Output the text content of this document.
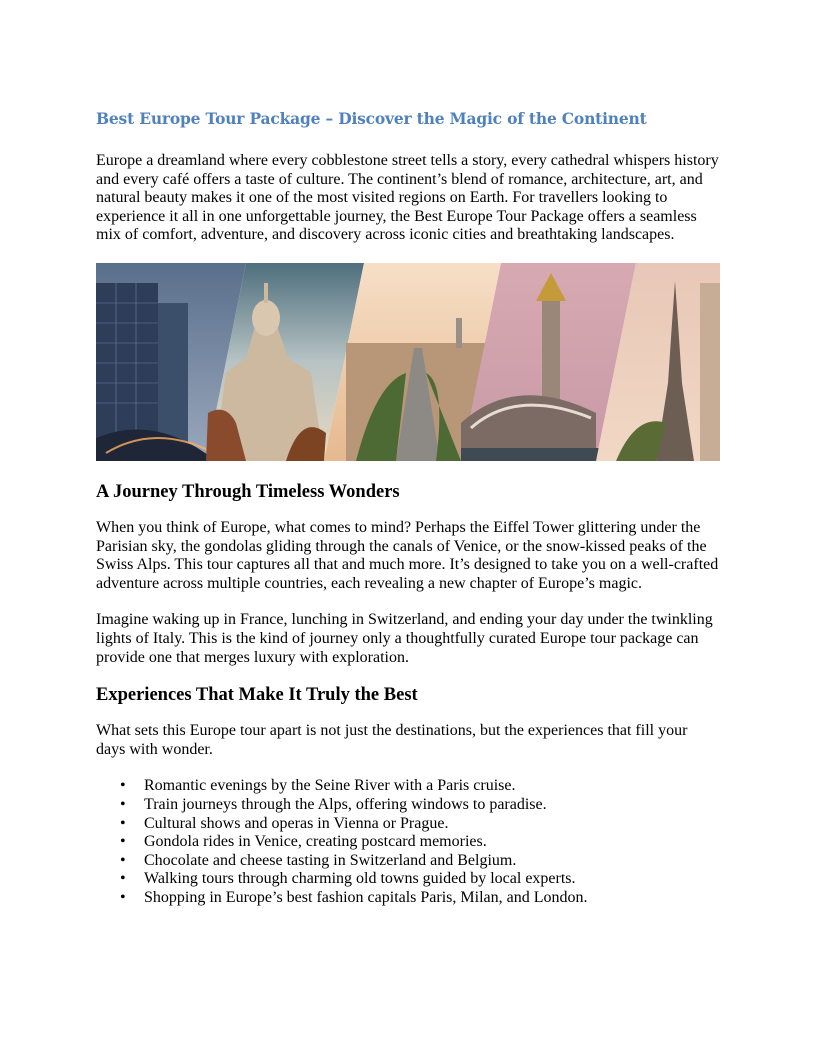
Best Europe Tour Package – Discover the Magic of the Continent

Europe a dreamland where every cobblestone street tells a story, every cathedral whispers history and every café offers a taste of culture. The continent’s blend of romance, architecture, art, and natural beauty makes it one of the most visited regions on Earth. For travellers looking to experience it all in one unforgettable journey, the Best Europe Tour Package offers a seamless mix of comfort, adventure, and discovery across iconic cities and breathtaking landscapes.

A Journey Through Timeless Wonders

When you think of Europe, what comes to mind? Perhaps the Eiffel Tower glittering under the Parisian sky, the gondolas gliding through the canals of Venice, or the snow-kissed peaks of the Swiss Alps. This tour captures all that and much more. It’s designed to take you on a well-crafted adventure across multiple countries, each revealing a new chapter of Europe’s magic.

Imagine waking up in France, lunching in Switzerland, and ending your day under the twinkling lights of Italy. This is the kind of journey only a thoughtfully curated Europe tour package can provide one that merges luxury with exploration.

Experiences That Make It Truly the Best

What sets this Europe tour apart is not just the destinations, but the experiences that fill your days with wonder.

• Romantic evenings by the Seine River with a Paris cruise.
• Train journeys through the Alps, offering windows to paradise.
• Cultural shows and operas in Vienna or Prague.
• Gondola rides in Venice, creating postcard memories.
• Chocolate and cheese tasting in Switzerland and Belgium.
• Walking tours through charming old towns guided by local experts.
• Shopping in Europe’s best fashion capitals Paris, Milan, and London.
